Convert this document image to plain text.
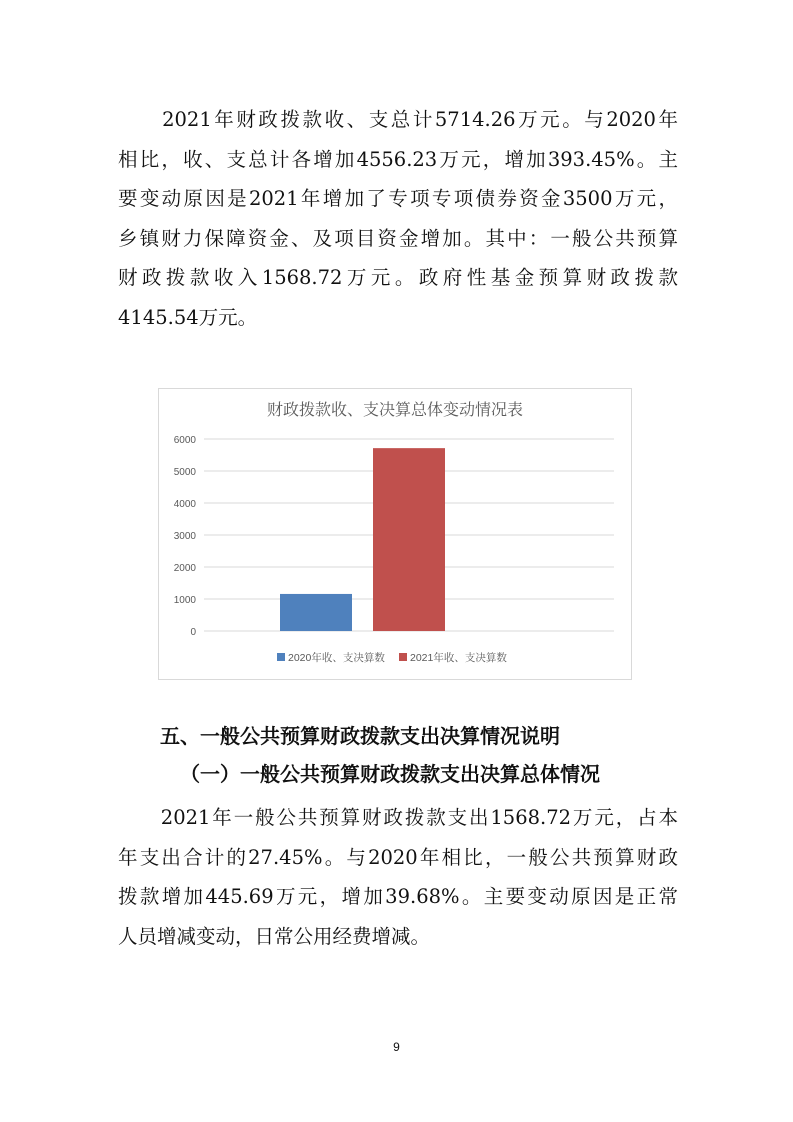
　　2021年财政拨款收、支总计5714.26万元。与2020年
相比，收、支总计各增加4556.23万元，增加393.45%。主
要变动原因是2021年增加了专项专项债券资金3500万元，
乡镇财力保障资金、及项目资金增加。其中：一般公共预算
财政拨款收入1568.72万元。政府性基金预算财政拨款
4145.54万元。
财政拨款收、支决算总体变动情况表
0
1000
2000
3000
4000
5000
6000
2020年收、支决算数 2021年收、支决算数

五、一般公共预算财政拨款支出决算情况说明

（一）一般公共预算财政拨款支出决算总体情况

　　2021年一般公共预算财政拨款支出1568.72万元，占本
年支出合计的27.45%。与2020年相比，一般公共预算财政
拨款增加445.69万元，增加39.68%。主要变动原因是正常
人员增减变动，日常公用经费增减。
9
